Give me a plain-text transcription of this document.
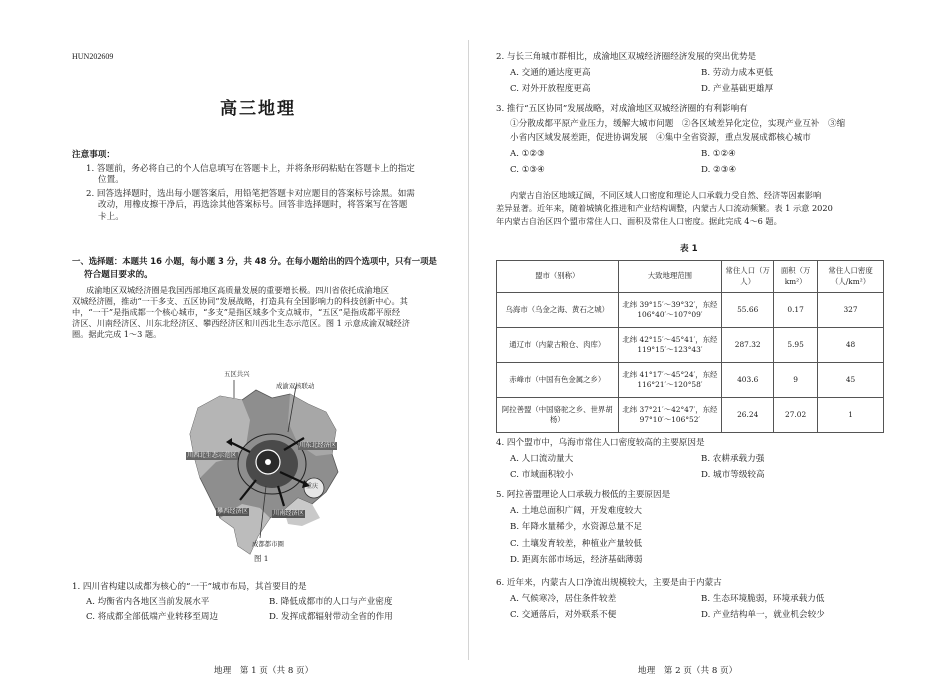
HUN202609
高三地理

注意事项：

1. 答题前，务必将自己的个人信息填写在答题卡上，并将条形码粘贴在答题卡上的指定

位置。

2. 回答选择题时，选出每小题答案后，用铅笔把答题卡对应题目的答案标号涂黑。如需

改动，用橡皮擦干净后，再选涂其他答案标号。回答非选择题时，将答案写在答题

卡上。

一、选择题：本题共 16 小题，每小题 3 分，共 48 分。在每小题给出的四个选项中，只有一项是

符合题目要求的。

成渝地区双城经济圈是我国西部地区高质量发展的重要增长极。四川省依托成渝地区

双城经济圈，推动“一干多支、五区协同”发展战略，打造具有全国影响力的科技创新中心。其

中，“一干”是指成都一个核心城市，“多支”是指区域多个支点城市，“五区”是指成都平原经

济区、川南经济区、川东北经济区、攀西经济区和川西北生态示范区。图 1 示意成渝双城经济

圈。据此完成 1～3 题。

五区共兴
成渝双核联动
川西北生态示范区
川东北经济区
攀西经济区	川南经济区
重庆
成都都市圈
图 1

1. 四川省构建以成都为核心的“一干”城市布局，其首要目的是

A. 均衡省内各地区当前发展水平	B. 降低成都市的人口与产业密度
C. 将成都全部低端产业转移至周边	D. 发挥成都辐射带动全省的作用
地理　第 1 页（共 8 页）

2. 与长三角城市群相比，成渝地区双城经济圈经济发展的突出优势是

A. 交通的通达度更高	B. 劳动力成本更低
C. 对外开放程度更高	D. 产业基础更雄厚

3. 推行“五区协同”发展战略，对成渝地区双城经济圈的有利影响有

①分散成都平原产业压力，缓解大城市问题　②各区域差异化定位，实现产业互补　③缩

小省内区域发展差距，促进协调发展　④集中全省资源，重点发展成都核心城市

A. ①②③	B. ①②④
C. ①③④	D. ②③④

内蒙古自治区地域辽阔，不同区域人口密度和理论人口承载力受自然、经济等因素影响

差异显著。近年来，随着城镇化推进和产业结构调整，内蒙古人口流动频繁。表 1 示意 2020

年内蒙古自治区四个盟市常住人口、面积及常住人口密度。据此完成 4～6 题。

表 1
盟市（别称）	大致地理范围	常住人口（万人）	面积（万 km²）	常住人口密度（人/km²）
乌海市（乌金之海、黄石之城）	北纬 39°15′～39°32′，东经 106°40′～107°09′	55.66	0.17	327
通辽市（内蒙古粮仓、肉库）	北纬 42°15′～45°41′，东经 119°15′～123°43′	287.32	5.95	48
赤峰市（中国有色金属之乡）	北纬 41°17′～45°24′，东经 116°21′～120°58′	403.6	9	45
阿拉善盟（中国骆驼之乡、世界胡杨）	北纬 37°21′～42°47′，东经 97°10′～106°52′	26.24	27.02	1

4. 四个盟市中，乌海市常住人口密度较高的主要原因是

A. 人口流动量大	B. 农耕承载力强
C. 市域面积较小	D. 城市等级较高

5. 阿拉善盟理论人口承载力极低的主要原因是

A. 土地总面积广阔，开发难度较大

B. 年降水量稀少，水资源总量不足

C. 土壤发育较差，种植业产量较低

D. 距离东部市场远，经济基础薄弱

6. 近年来，内蒙古人口净流出规模较大，主要是由于内蒙古

A. 气候寒冷，居住条件较差	B. 生态环境脆弱，环境承载力低
C. 交通落后，对外联系不便	D. 产业结构单一，就业机会较少
地理　第 2 页（共 8 页）
